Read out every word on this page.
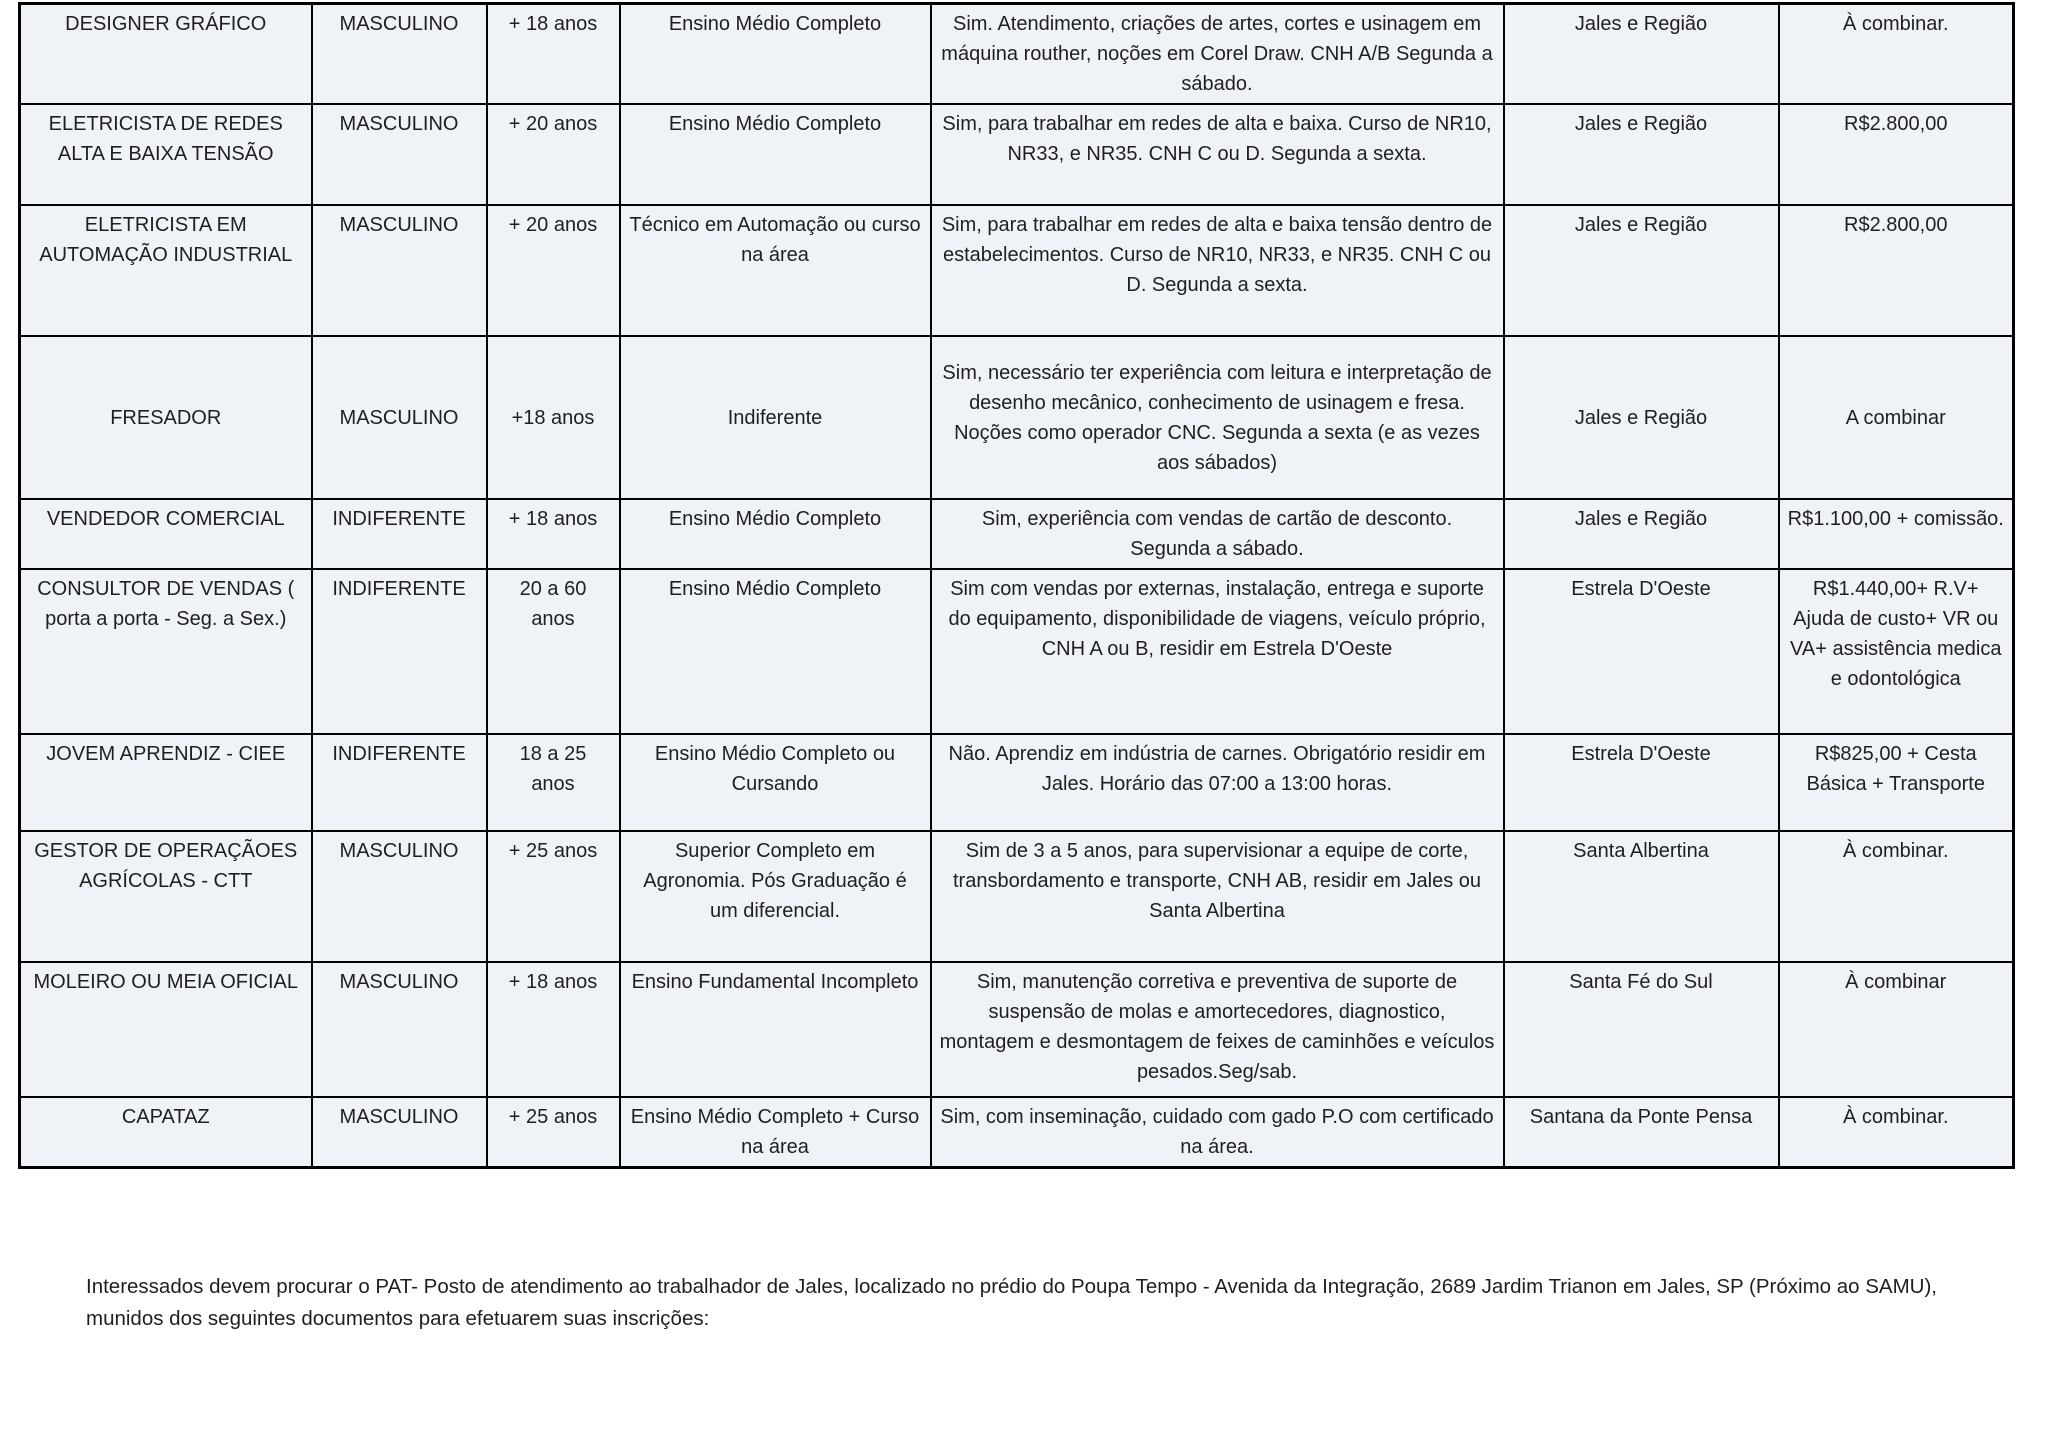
DESIGNER GRÁFICO	MASCULINO	+ 18 anos	Ensino Médio Completo	Sim. Atendimento, criações de artes, cortes e usinagem em máquina routher, noções em Corel Draw. CNH A/B Segunda a sábado.	Jales e Região	À combinar.
ELETRICISTA DE REDES ALTA E BAIXA TENSÃO	MASCULINO	+ 20 anos	Ensino Médio Completo	Sim, para trabalhar em redes de alta e baixa. Curso de NR10, NR33, e NR35. CNH C ou D. Segunda a sexta.	Jales e Região	R$2.800,00
ELETRICISTA EM AUTOMAÇÃO INDUSTRIAL	MASCULINO	+ 20 anos	Técnico em Automação ou curso na área	Sim, para trabalhar em redes de alta e baixa tensão dentro de estabelecimentos. Curso de NR10, NR33, e NR35. CNH C ou D. Segunda a sexta.	Jales e Região	R$2.800,00
FRESADOR	MASCULINO	+18 anos	Indiferente	Sim, necessário ter experiência com leitura e interpretação de desenho mecânico, conhecimento de usinagem e fresa. Noções como operador CNC. Segunda a sexta (e as vezes aos sábados)	Jales e Região	A combinar
VENDEDOR COMERCIAL	INDIFERENTE	+ 18 anos	Ensino Médio Completo	Sim, experiência com vendas de cartão de desconto. Segunda a sábado.	Jales e Região	R$1.100,00 + comissão.
CONSULTOR DE VENDAS ( porta a porta - Seg. a Sex.)	INDIFERENTE	20 a 60 anos	Ensino Médio Completo	Sim com vendas por externas, instalação, entrega e suporte do equipamento, disponibilidade de viagens, veículo próprio, CNH A ou B, residir em Estrela D'Oeste	Estrela D'Oeste	R$1.440,00+ R.V+ Ajuda de custo+ VR ou VA+ assistência medica e odontológica
JOVEM APRENDIZ - CIEE	INDIFERENTE	18 a 25 anos	Ensino Médio Completo ou Cursando	Não. Aprendiz em indústria de carnes. Obrigatório residir em Jales. Horário das 07:00 a 13:00 horas.	Estrela D'Oeste	R$825,00 + Cesta Básica + Transporte
GESTOR DE OPERAÇÃOES AGRÍCOLAS - CTT	MASCULINO	+ 25 anos	Superior Completo em Agronomia. Pós Graduação é um diferencial.	Sim de 3 a 5 anos, para supervisionar a equipe de corte, transbordamento e transporte, CNH AB, residir em Jales ou Santa Albertina	Santa Albertina	À combinar.
MOLEIRO OU MEIA OFICIAL	MASCULINO	+ 18 anos	Ensino Fundamental Incompleto	Sim, manutenção corretiva e preventiva de suporte de suspensão de molas e amortecedores, diagnostico, montagem e desmontagem de feixes de caminhões e veículos pesados.Seg/sab.	Santa Fé do Sul	À combinar
CAPATAZ	MASCULINO	+ 25 anos	Ensino Médio Completo + Curso na área	Sim, com inseminação, cuidado com gado P.O com certificado na área.	Santana da Ponte Pensa	À combinar.

Interessados devem procurar o PAT- Posto de atendimento ao trabalhador de Jales, localizado no prédio do Poupa Tempo - Avenida da Integração, 2689 Jardim Trianon em Jales, SP (Próximo ao SAMU), munidos dos seguintes documentos para efetuarem suas inscrições:
